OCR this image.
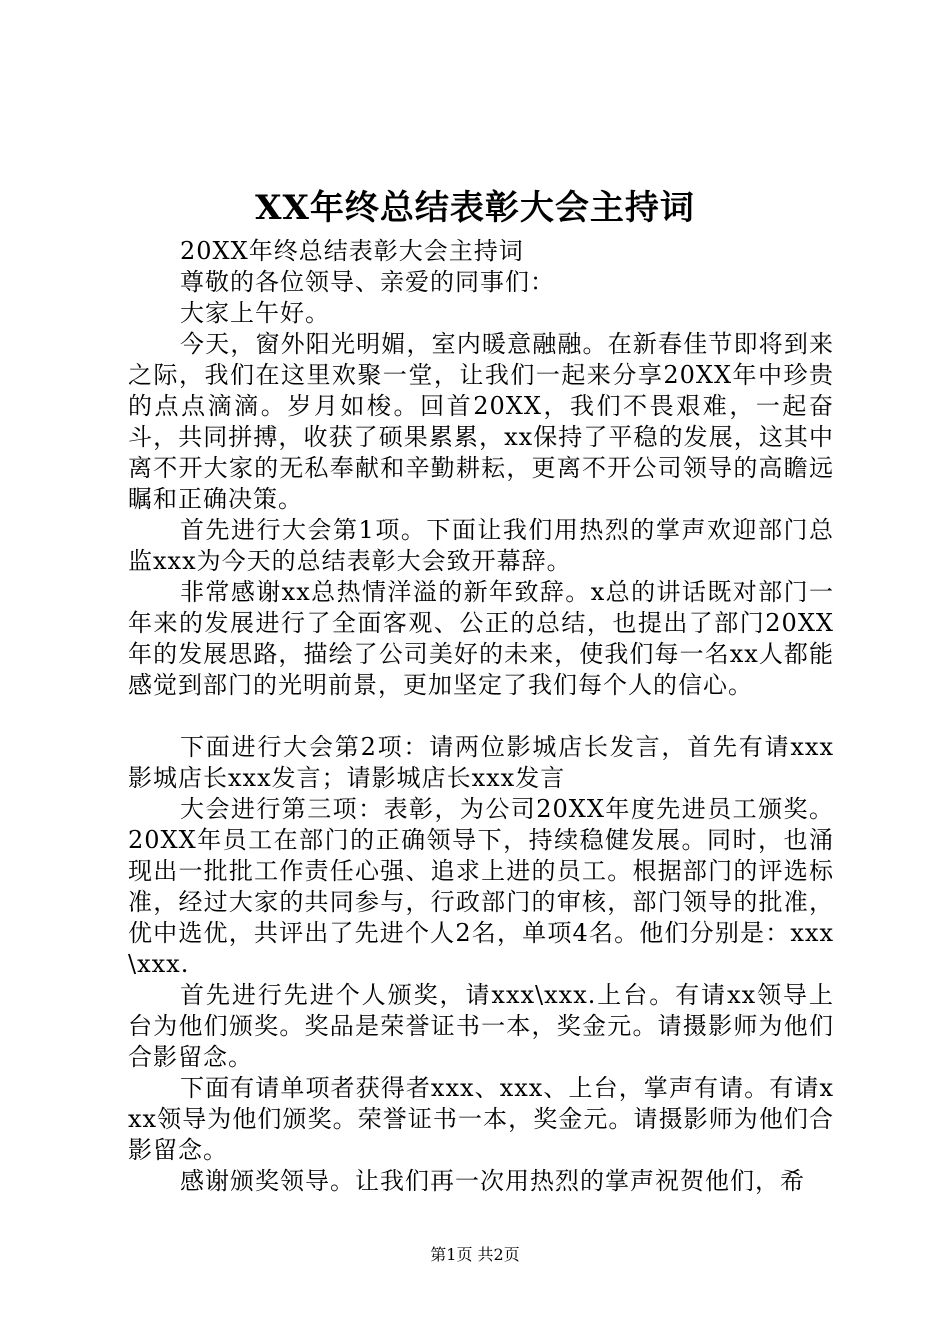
XX年终总结表彰大会主持词

20XX年终总结表彰大会主持词

尊敬的各位领导、亲爱的同事们：

大家上午好。

今天，窗外阳光明媚，室内暖意融融。在新春佳节即将到来之际，我们在这里欢聚一堂，让我们一起来分享20XX年中珍贵的点点滴滴。岁月如梭。回首20XX，我们不畏艰难，一起奋斗，共同拼搏，收获了硕果累累，xx保持了平稳的发展，这其中离不开大家的无私奉献和辛勤耕耘，更离不开公司领导的高瞻远瞩和正确决策。

首先进行大会第1项。下面让我们用热烈的掌声欢迎部门总监xxx为今天的总结表彰大会致开幕辞。

非常感谢xx总热情洋溢的新年致辞。x总的讲话既对部门一年来的发展进行了全面客观、公正的总结，也提出了部门20XX年的发展思路，描绘了公司美好的未来，使我们每一名xx人都能感觉到部门的光明前景，更加坚定了我们每个人的信心。

下面进行大会第2项：请两位影城店长发言，首先有请xxx影城店长xxx发言；请影城店长xxx发言

大会进行第三项：表彰，为公司20XX年度先进员工颁奖。20XX年员工在部门的正确领导下，持续稳健发展。同时，也涌现出一批批工作责任心强、追求上进的员工。根据部门的评选标准，经过大家的共同参与，行政部门的审核，部门领导的批准，优中选优，共评出了先进个人2名，单项4名。他们分别是：xxx\xxx.

首先进行先进个人颁奖，请xxx\xxx.上台。有请xx领导上台为他们颁奖。奖品是荣誉证书一本，奖金元。请摄影师为他们合影留念。

下面有请单项者获得者xxx、xxx、上台，掌声有请。有请xxx领导为他们颁奖。荣誉证书一本，奖金元。请摄影师为他们合影留念。

感谢颁奖领导。让我们再一次用热烈的掌声祝贺他们，希

第1页 共2页
